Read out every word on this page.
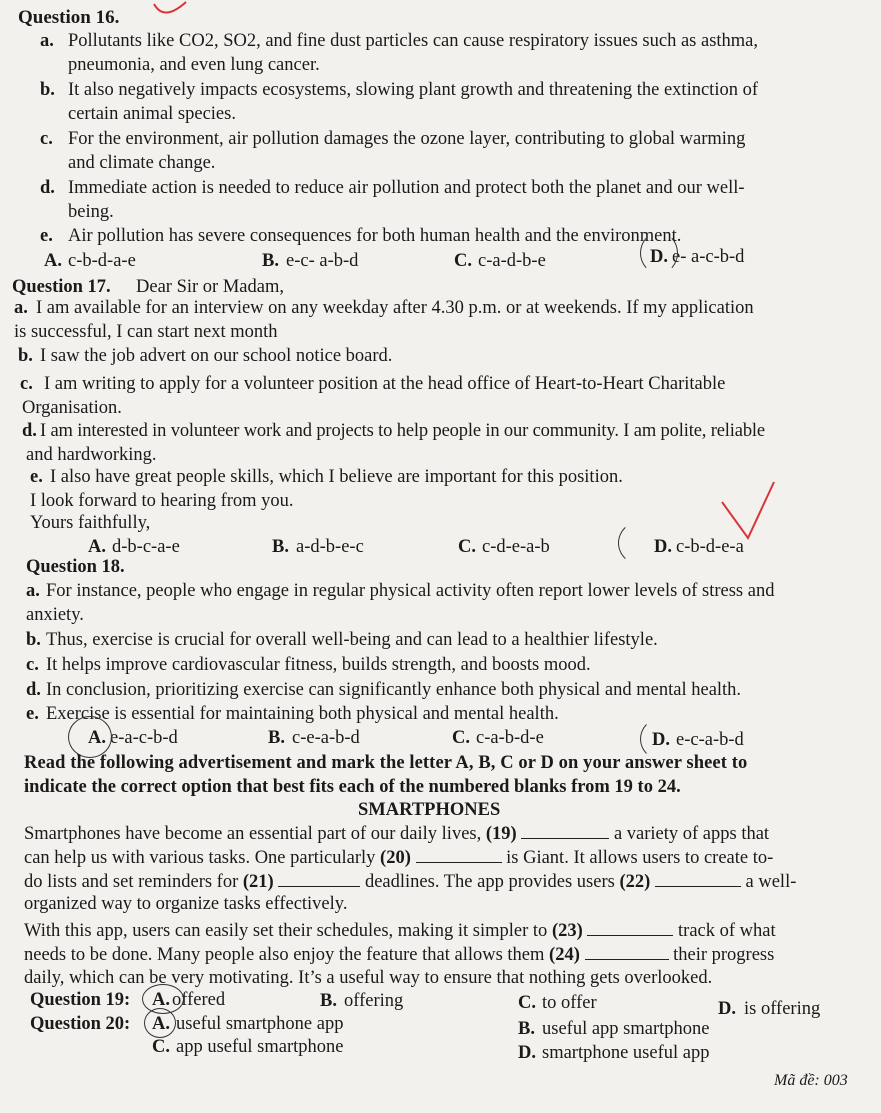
Question 16.
a. Pollutants like CO2, SO2, and fine dust particles can cause respiratory issues such as asthma,
pneumonia, and even lung cancer.
b. It also negatively impacts ecosystems, slowing plant growth and threatening the extinction of
certain animal species.
c. For the environment, air pollution damages the ozone layer, contributing to global warming
and climate change.
d. Immediate action is needed to reduce air pollution and protect both the planet and our well-
being.
e. Air pollution has severe consequences for both human health and the environment.
A. c-b-d-a-e	B. e-c- a-b-d	C. c-a-d-b-e	D. e- a-c-b-d
Question 17. Dear Sir or Madam,
a. I am available for an interview on any weekday after 4.30 p.m. or at weekends. If my application
is successful, I can start next month
b. I saw the job advert on our school notice board.
c. I am writing to apply for a volunteer position at the head office of Heart-to-Heart Charitable
Organisation.
d. I am interested in volunteer work and projects to help people in our community. I am polite, reliable
and hardworking.
e. I also have great people skills, which I believe are important for this position.
I look forward to hearing from you.
Yours faithfully,
A. d-b-c-a-e	B. a-d-b-e-c	C. c-d-e-a-b	D. c-b-d-e-a
Question 18.
a. For instance, people who engage in regular physical activity often report lower levels of stress and
anxiety.
b. Thus, exercise is crucial for overall well-being and can lead to a healthier lifestyle.
c. It helps improve cardiovascular fitness, builds strength, and boosts mood.
d. In conclusion, prioritizing exercise can significantly enhance both physical and mental health.
e. Exercise is essential for maintaining both physical and mental health.
A. e-a-c-b-d	B. c-e-a-b-d	C. c-a-b-d-e	D. e-c-a-b-d
Read the following advertisement and mark the letter A, B, C or D on your answer sheet to
indicate the correct option that best fits each of the numbered blanks from 19 to 24.
SMARTPHONES
Smartphones have become an essential part of our daily lives, (19)	a variety of apps that
can help us with various tasks. One particularly (20)	is Giant. It allows users to create to-
do lists and set reminders for (21)	deadlines. The app provides users (22)	a well-
organized way to organize tasks effectively.
With this app, users can easily set their schedules, making it simpler to (23)	track of what
needs to be done. Many people also enjoy the feature that allows them (24)	their progress
daily, which can be very motivating. It’s a useful way to ensure that nothing gets overlooked.
Question 19: A. offered	B. offering	C. to offer	D. is offering
Question 20: A. useful smartphone app	B. useful app smartphone
C. app useful smartphone	D. smartphone useful app
Mã đề: 003
